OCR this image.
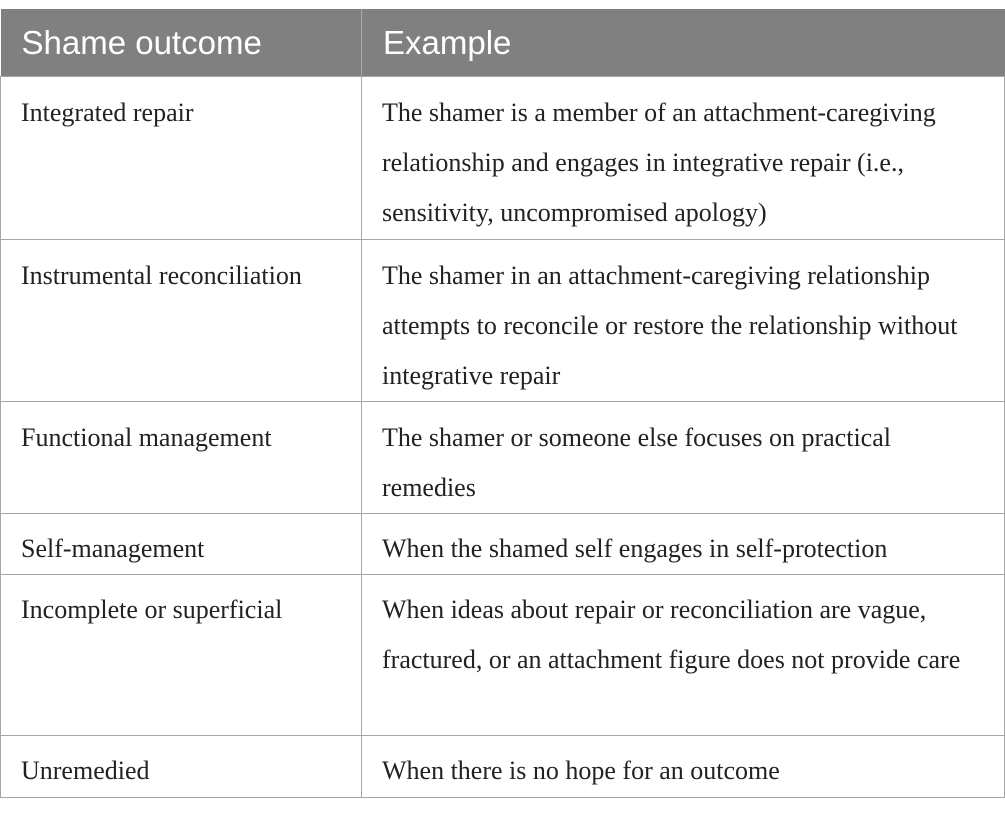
Shame outcome	Example
Integrated repair	The shamer is a member of an attachment-caregiving relationship and engages in integrative repair (i.e., sensitivity, uncompromised apology)
Instrumental reconciliation	The shamer in an attachment-caregiving relationship attempts to reconcile or restore the relationship without integrative repair
Functional management	The shamer or someone else focuses on practical remedies
Self-management	When the shamed self engages in self-protection
Incomplete or superficial	When ideas about repair or reconciliation are vague, fractured, or an attachment figure does not provide care
Unremedied	When there is no hope for an outcome
